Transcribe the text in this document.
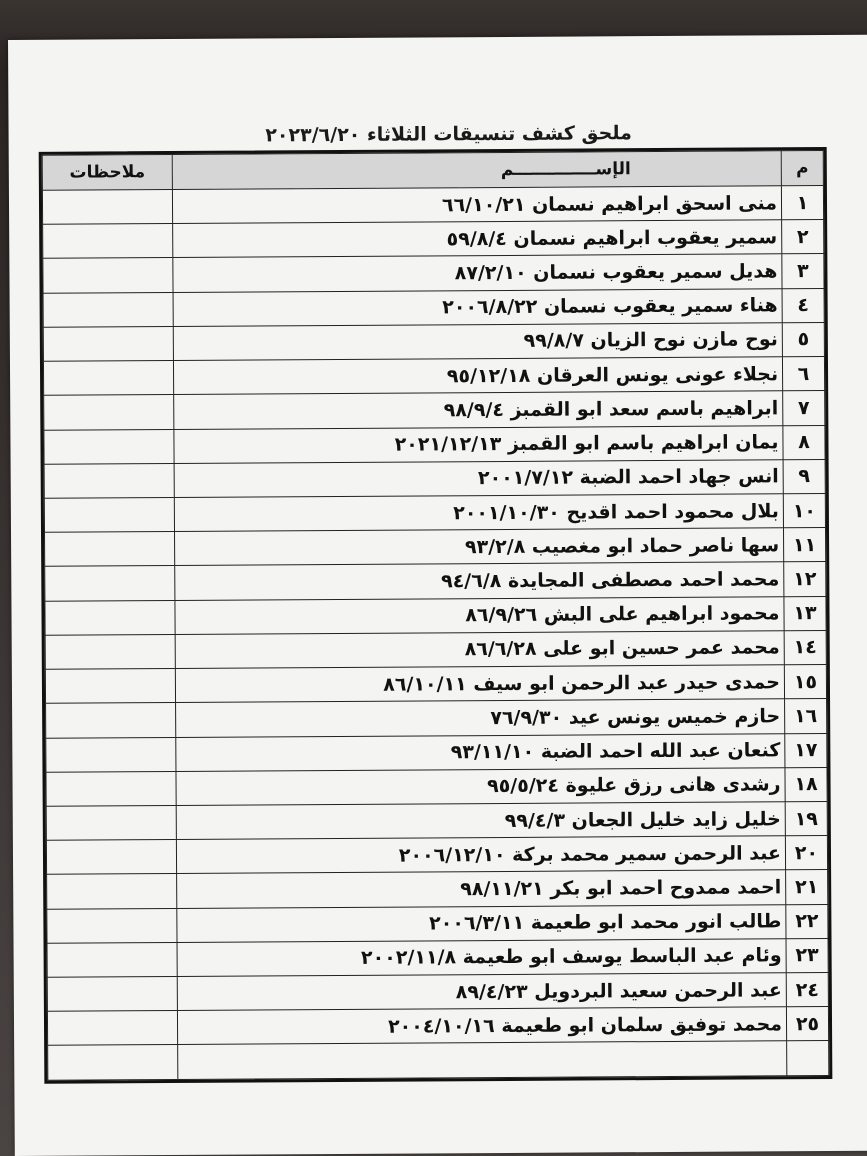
ملحق كشف تنسيقات الثلاثاء ٢٠٢٣/٦/٢٠
م	الإســــــــــــــم	ملاحظات
١	منى اسحق ابراهيم نسمان ٦٦/١٠/٢١	
٢	سمير يعقوب ابراهيم نسمان ٥٩/٨/٤	
٣	هديل سمير يعقوب نسمان ٨٧/٢/١٠	
٤	هناء سمير يعقوب نسمان ٢٠٠٦/٨/٢٢	
٥	نوح مازن نوح الزيان ٩٩/٨/٧	
٦	نجلاء عونى يونس العرقان ٩٥/١٢/١٨	
٧	ابراهيم باسم سعد ابو القمبز ٩٨/٩/٤	
٨	يمان ابراهيم باسم ابو القمبز ٢٠٢١/١٢/١٣	
٩	انس جهاد احمد الضبة ٢٠٠١/٧/١٢	
١٠	بلال محمود احمد اقديح ٢٠٠١/١٠/٣٠	
١١	سها ناصر حماد ابو مغصيب ٩٣/٢/٨	
١٢	محمد احمد مصطفى المجايدة ٩٤/٦/٨	
١٣	محمود ابراهيم على البش ٨٦/٩/٢٦	
١٤	محمد عمر حسين ابو على ٨٦/٦/٢٨	
١٥	حمدى حيدر عبد الرحمن ابو سيف ٨٦/١٠/١١	
١٦	حازم خميس يونس عيد ٧٦/٩/٣٠	
١٧	كنعان عبد الله احمد الضبة ٩٣/١١/١٠	
١٨	رشدى هانى رزق عليوة ٩٥/٥/٢٤	
١٩	خليل زايد خليل الجعان ٩٩/٤/٣	
٢٠	عبد الرحمن سمير محمد بركة ٢٠٠٦/١٢/١٠	
٢١	احمد ممدوح احمد ابو بكر ٩٨/١١/٢١	
٢٢	طالب انور محمد ابو طعيمة ٢٠٠٦/٣/١١	
٢٣	وئام عبد الباسط يوسف ابو طعيمة ٢٠٠٢/١١/٨	
٢٤	عبد الرحمن سعيد البردويل ٨٩/٤/٢٣	
٢٥	محمد توفيق سلمان ابو طعيمة ٢٠٠٤/١٠/١٦	
